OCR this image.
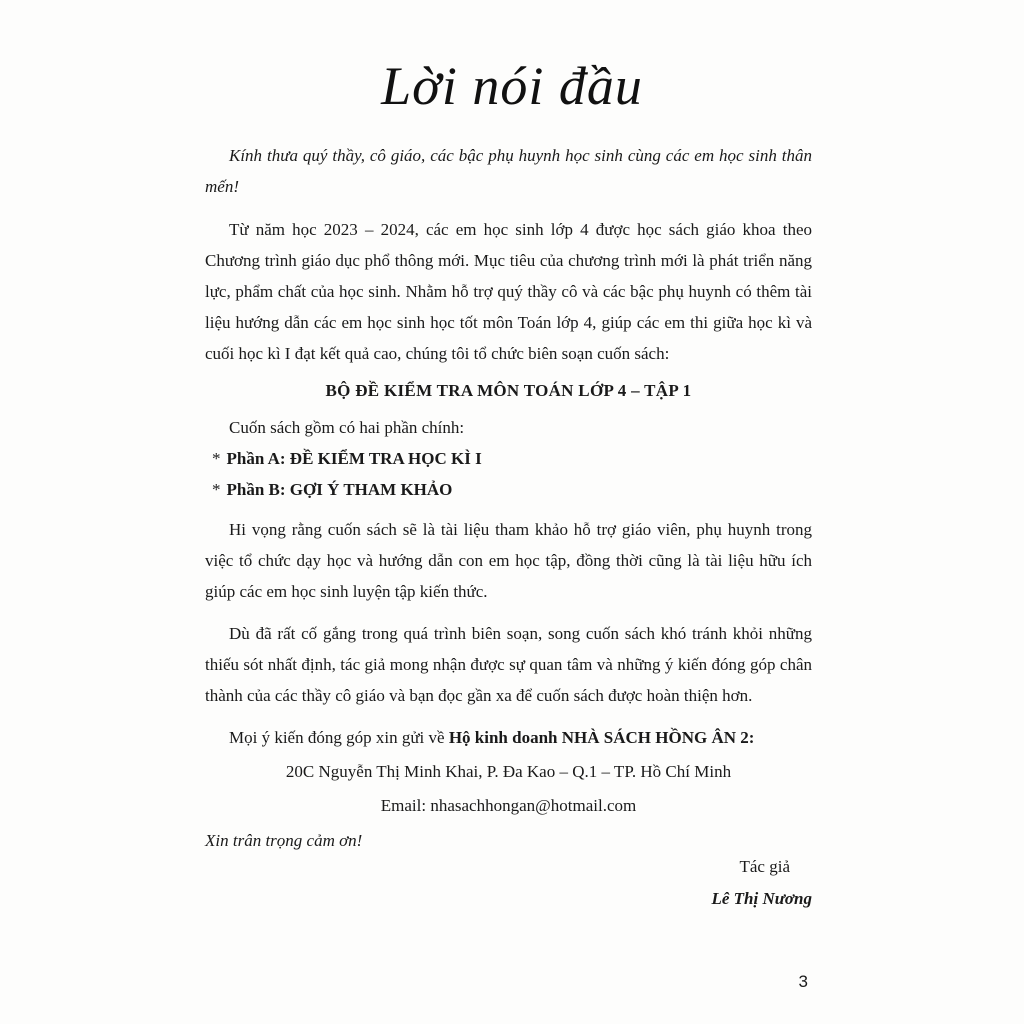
Lời nói đầu

Kính thưa quý thầy, cô giáo, các bậc phụ huynh học sinh cùng các em học sinh thân mến!

Từ năm học 2023 – 2024, các em học sinh lớp 4 được học sách giáo khoa theo Chương trình giáo dục phổ thông mới. Mục tiêu của chương trình mới là phát triển năng lực, phẩm chất của học sinh. Nhằm hỗ trợ quý thầy cô và các bậc phụ huynh có thêm tài liệu hướng dẫn các em học sinh học tốt môn Toán lớp 4, giúp các em thi giữa học kì và cuối học kì I đạt kết quả cao, chúng tôi tổ chức biên soạn cuốn sách:

BỘ ĐỀ KIỂM TRA MÔN TOÁN LỚP 4 – TẬP 1

Cuốn sách gồm có hai phần chính:

* Phần A: ĐỀ KIỂM TRA HỌC KÌ I
* Phần B: GỢI Ý THAM KHẢO

Hi vọng rằng cuốn sách sẽ là tài liệu tham khảo hỗ trợ giáo viên, phụ huynh trong việc tổ chức dạy học và hướng dẫn con em học tập, đồng thời cũng là tài liệu hữu ích giúp các em học sinh luyện tập kiến thức.

Dù đã rất cố gắng trong quá trình biên soạn, song cuốn sách khó tránh khỏi những thiếu sót nhất định, tác giả mong nhận được sự quan tâm và những ý kiến đóng góp chân thành của các thầy cô giáo và bạn đọc gần xa để cuốn sách được hoàn thiện hơn.

Mọi ý kiến đóng góp xin gửi về Hộ kinh doanh NHÀ SÁCH HỒNG ÂN 2:

20C Nguyễn Thị Minh Khai, P. Đa Kao – Q.1 – TP. Hồ Chí Minh

Email: nhasachhongan@hotmail.com

Xin trân trọng cảm ơn!

Tác giả
Lê Thị Nương
3
